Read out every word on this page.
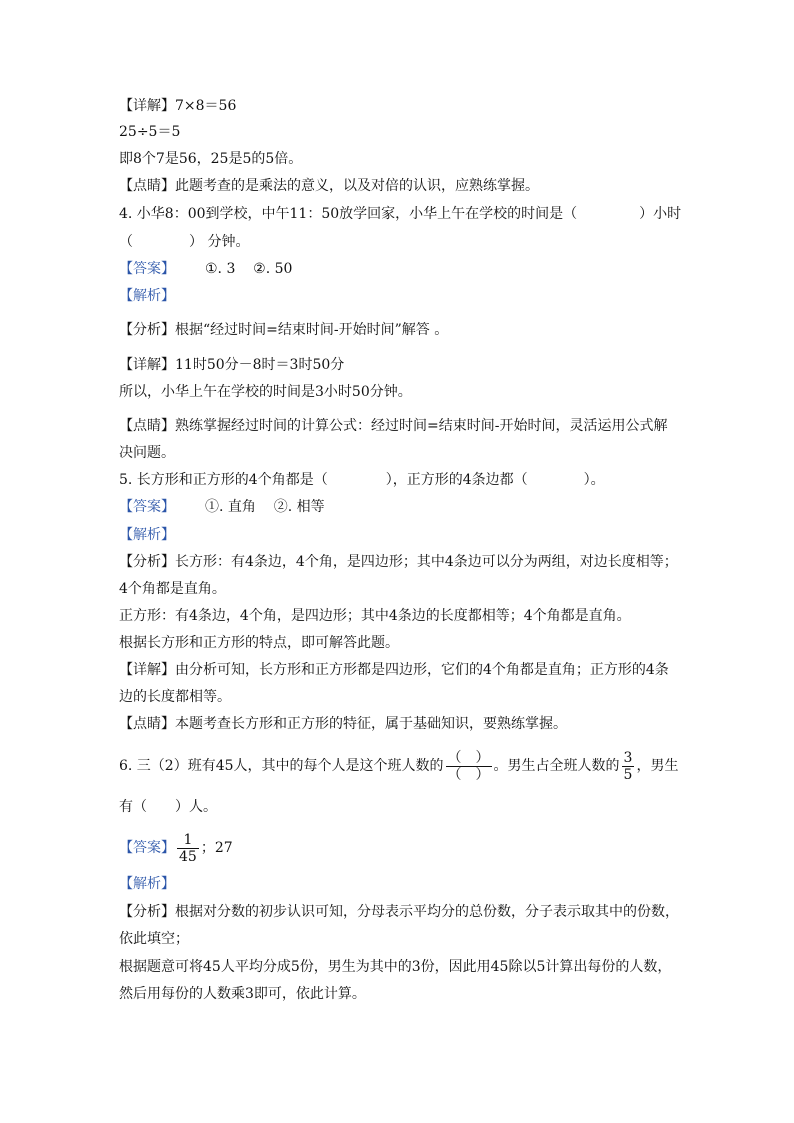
【详解】7×8＝56
25÷5＝5
即8个7是56，25是5的5倍。
【点睛】此题考查的是乘法的意义，以及对倍的认识，应熟练掌握。
4. 小华8：00到学校，中午11：50放学回家，小华上午在学校的时间是（	）小时
（	） 分钟。
【答案】 ①. 3    ②. 50
【解析】
【分析】根据“经过时间=结束时间-开始时间”解答 。
【详解】11时50分－8时＝3时50分
所以，小华上午在学校的时间是3小时50分钟。
【点睛】熟练掌握经过时间的计算公式：经过时间=结束时间-开始时间，灵活运用公式解
决问题。
5. 长方形和正方形的4个角都是（	），正方形的4条边都（	）。
【答案】 ①. 直角    ②. 相等
【解析】
【分析】长方形：有4条边，4个角，是四边形；其中4条边可以分为两组，对边长度相等；
4个角都是直角。
正方形：有4条边，4个角，是四边形；其中4条边的长度都相等；4个角都是直角。
根据长方形和正方形的特点，即可解答此题。
【详解】由分析可知，长方形和正方形都是四边形，它们的4个角都是直角；正方形的4条
边的长度都相等。
【点睛】本题考查长方形和正方形的特征，属于基础知识，要熟练掌握。
6. 三（2）班有45人，其中的每个人是这个班人数的 $\frac{( )}{( )}$ 。男生占全班人数的 $\frac{3}{5}$ ，男生
有（　　）人。
【答案】 $\frac{1}{45}$ ；27
【解析】
【分析】根据对分数的初步认识可知，分母表示平均分的总份数，分子表示取其中的份数，
依此填空；
根据题意可将45人平均分成5份，男生为其中的3份，因此用45除以5计算出每份的人数，
然后用每份的人数乘3即可，依此计算。
